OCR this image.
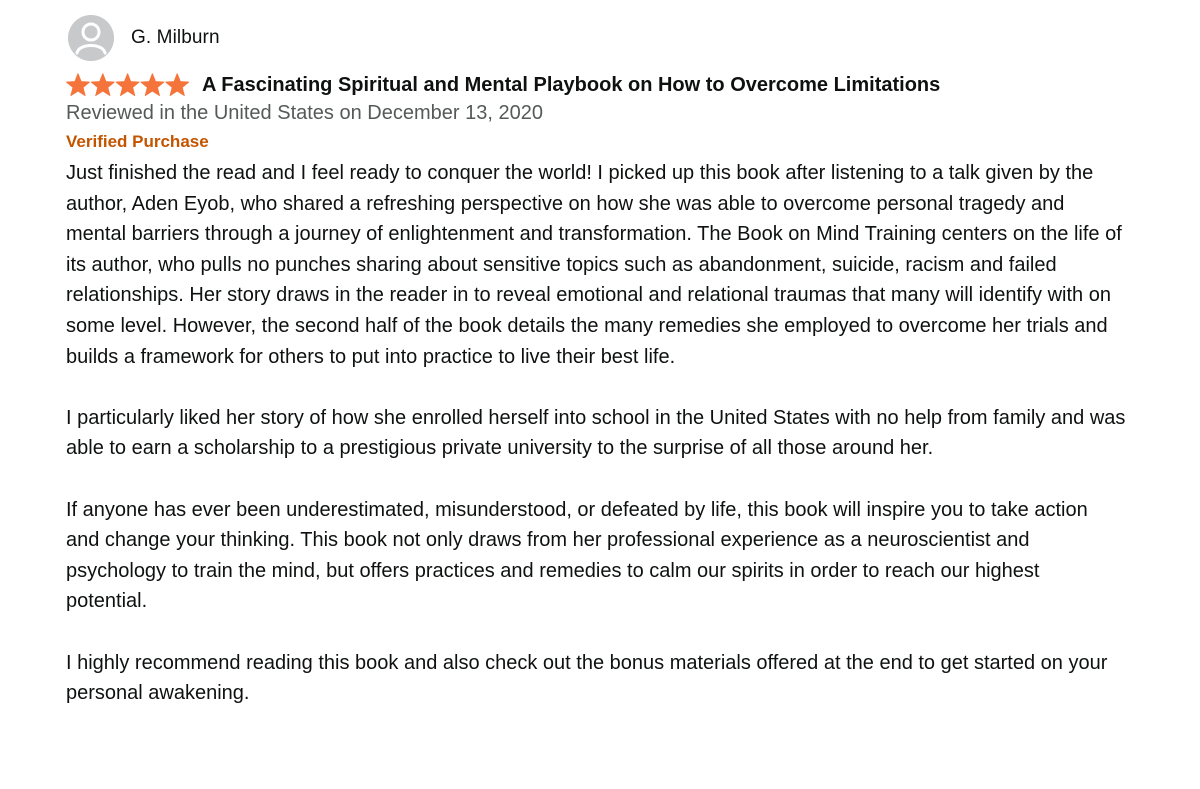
G. Milburn
A Fascinating Spiritual and Mental Playbook on How to Overcome Limitations
Reviewed in the United States on December 13, 2020
Verified Purchase

Just finished the read and I feel ready to conquer the world! I picked up this book after listening to a talk given by the author, Aden Eyob, who shared a refreshing perspective on how she was able to overcome personal tragedy and mental barriers through a journey of enlightenment and transformation. The Book on Mind Training centers on the life of its author, who pulls no punches sharing about sensitive topics such as abandonment, suicide, racism and failed relationships. Her story draws in the reader in to reveal emotional and relational traumas that many will identify with on some level. However, the second half of the book details the many remedies she employed to overcome her trials and builds a framework for others to put into practice to live their best life.

I particularly liked her story of how she enrolled herself into school in the United States with no help from family and was able to earn a scholarship to a prestigious private university to the surprise of all those around her.

If anyone has ever been underestimated, misunderstood, or defeated by life, this book will inspire you to take action and change your thinking. This book not only draws from her professional experience as a neuroscientist and psychology to train the mind, but offers practices and remedies to calm our spirits in order to reach our highest potential.

I highly recommend reading this book and also check out the bonus materials offered at the end to get started on your personal awakening.
